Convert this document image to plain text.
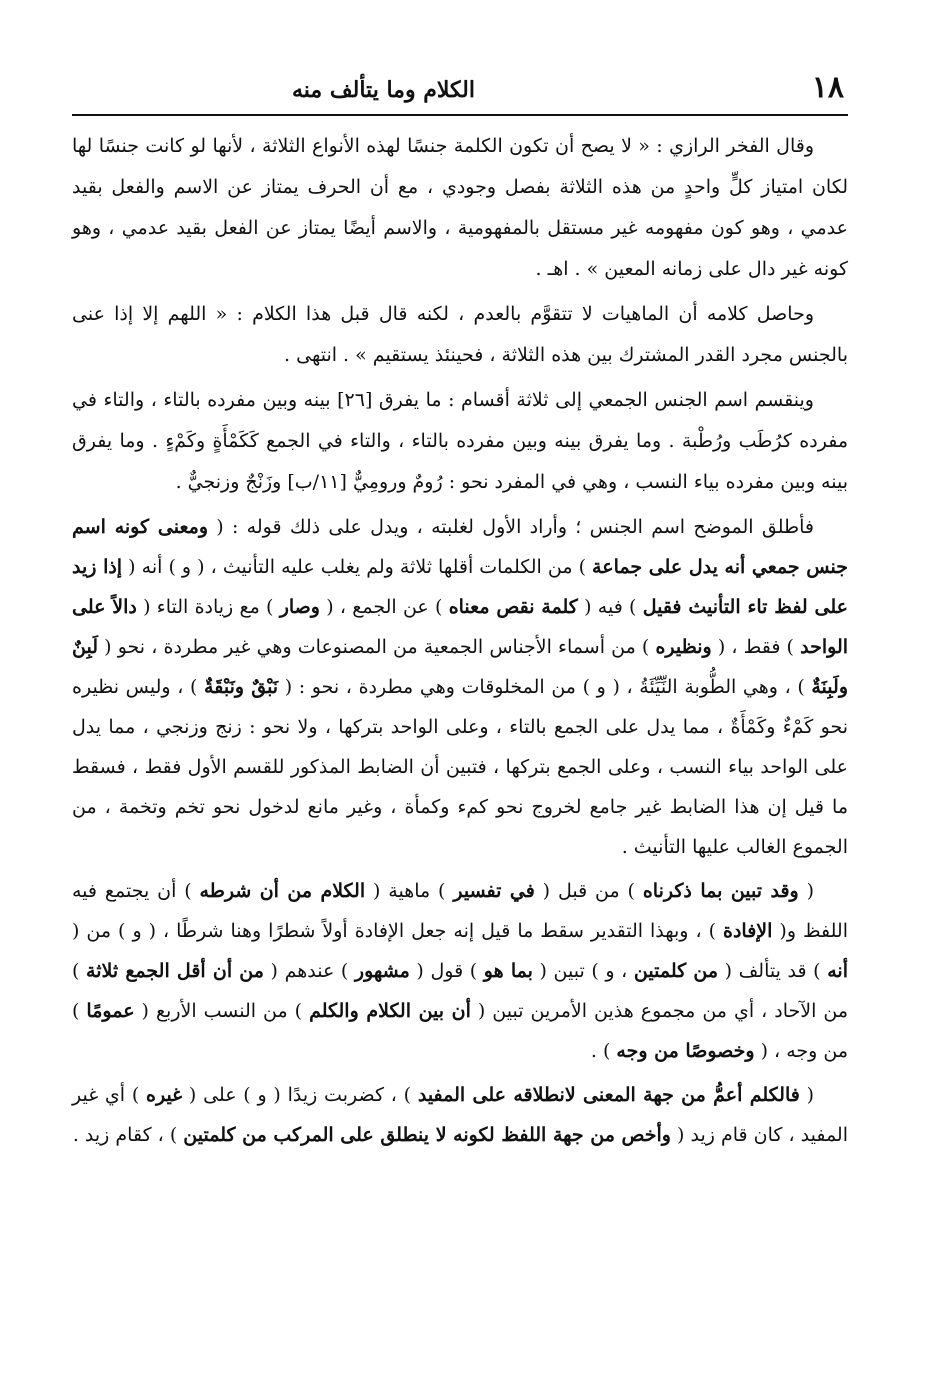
١٨
الكلام وما يتألف منه

وقال الفخر الرازي : « لا يصح أن تكون الكلمة جنسًا لهذه الأنواع الثلاثة ، لأنها لو كانت جنسًا لها لكان امتياز كلٍّ واحدٍ من هذه الثلاثة بفصل وجودي ، مع أن الحرف يمتاز عن الاسم والفعل بقيد عدمي ، وهو كون مفهومه غير مستقل بالمفهومية ، والاسم أيضًا يمتاز عن الفعل بقيد عدمي ، وهو كونه غير دال على زمانه المعين » . اهـ .

وحاصل كلامه أن الماهيات لا تتقوَّم بالعدم ، لكنه قال قبل هذا الكلام : « اللهم إلا إذا عنى بالجنس مجرد القدر المشترك بين هذه الثلاثة ، فحينئذ يستقيم » . انتهى .

وينقسم اسم الجنس الجمعي إلى ثلاثة أقسام : ما يفرق [٢٦] بينه وبين مفرده بالتاء ، والتاء في مفرده كرُطَب ورُطْبة . وما يفرق بينه وبين مفرده بالتاء ، والتاء في الجمع كَكَمْأَةٍ وكَمْءٍ . وما يفرق بينه وبين مفرده بياء النسب ، وهي في المفرد نحو : رُومٌ ورومِيٌّ [١١/ب] وزَنْجٌ وزنجيٌّ .

فأطلق الموضح اسم الجنس ؛ وأراد الأول لغلبته ، ويدل على ذلك قوله : ( ومعنى كونه اسم جنس جمعي أنه يدل على جماعة ) من الكلمات أقلها ثلاثة ولم يغلب عليه التأنيث ، ( و ) أنه ( إذا زيد على لفظ تاء التأنيث فقيل ) فيه ( كلمة نقص معناه ) عن الجمع ، ( وصار ) مع زيادة التاء ( دالاً على الواحد ) فقط ، ( ونظيره ) من أسماء الأجناس الجمعية من المصنوعات وهي غير مطردة ، نحو ( لَبِنٌ ولَبِنَةٌ ) ، وهي الطُّوبة النِّيِّئَةُ ، ( و ) من المخلوقات وهي مطردة ، نحو : ( نَبْقٌ ونَبْقَةٌ ) ، وليس نظيره نحو كَمْءٌ وكَمْأَةٌ ، مما يدل على الجمع بالتاء ، وعلى الواحد بتركها ، ولا نحو : زنج وزنجي ، مما يدل على الواحد بياء النسب ، وعلى الجمع بتركها ، فتبين أن الضابط المذكور للقسم الأول فقط ، فسقط ما قيل إن هذا الضابط غير جامع لخروج نحو كمء وكمأة ، وغير مانع لدخول نحو تخم وتخمة ، من الجموع الغالب عليها التأنيث .

( وقد تبين بما ذكرناه ) من قبل ( في تفسير ) ماهية ( الكلام من أن شرطه ) أن يجتمع فيه اللفظ و( الإفادة ) ، وبهذا التقدير سقط ما قيل إنه جعل الإفادة أولاً شطرًا وهنا شرطًا ، ( و ) من ( أنه ) قد يتألف ( من كلمتين ، و ) تبين ( بما هو ) قول ( مشهور ) عندهم ( من أن أقل الجمع ثلاثة ) من الآحاد ، أي من مجموع هذين الأمرين تبين ( أن بين الكلام والكلم ) من النسب الأربع ( عمومًا ) من وجه ، ( وخصوصًا من وجه ) .

( فالكلم أعمُّ من جهة المعنى لانطلاقه على المفيد ) ، كضربت زيدًا ( و ) على ( غيره ) أي غير المفيد ، كان قام زيد ( وأخص من جهة اللفظ لكونه لا ينطلق على المركب من كلمتين ) ، كقام زيد .
